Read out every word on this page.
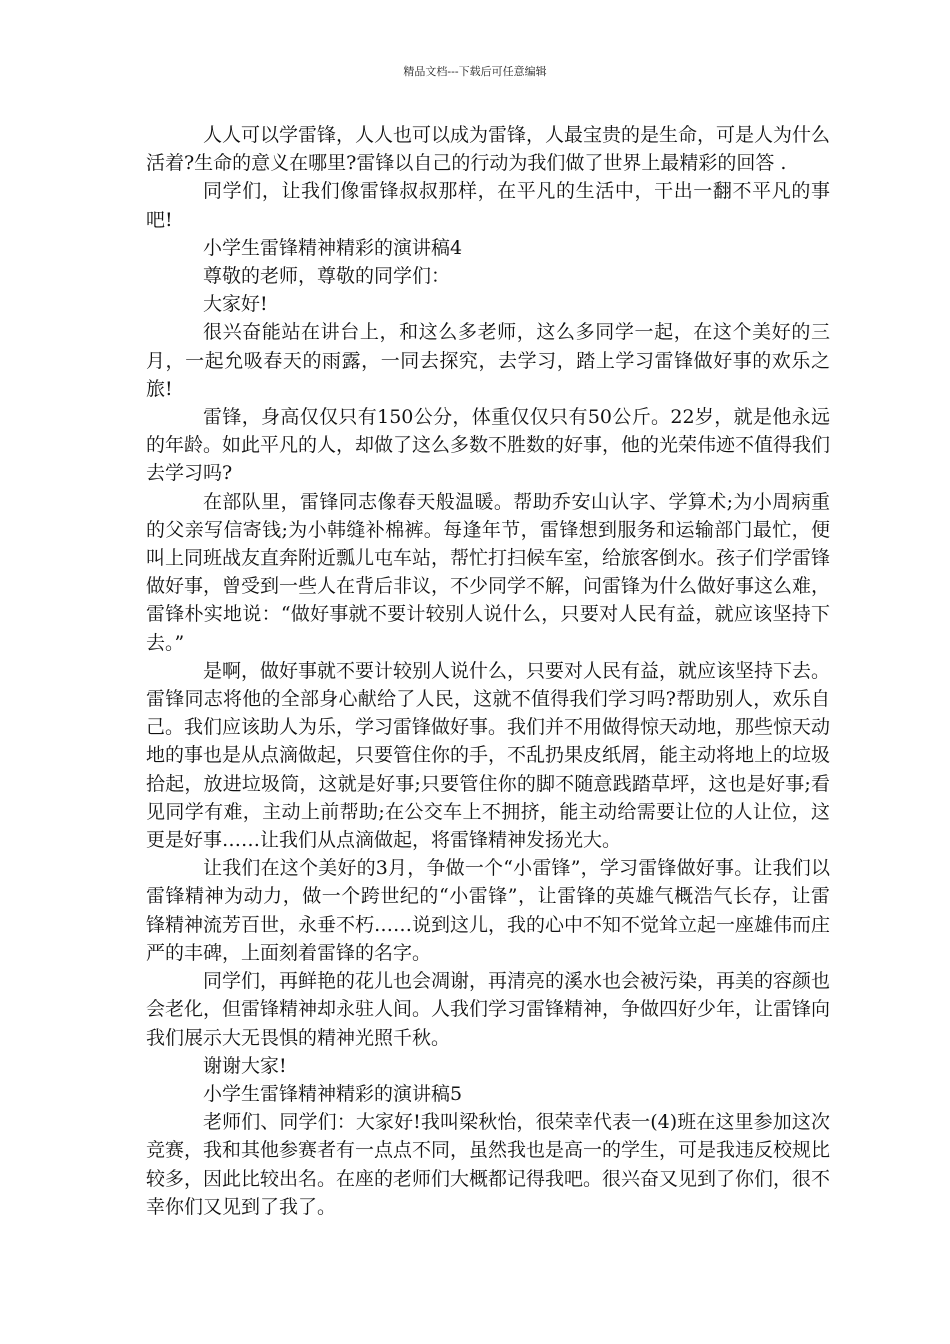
精品文档---下载后可任意编辑

人人可以学雷锋，人人也可以成为雷锋，人最宝贵的是生命，可是人为什么活着?生命的意义在哪里?雷锋以自己的行动为我们做了世界上最精彩的回答 .

同学们，让我们像雷锋叔叔那样，在平凡的生活中，干出一翻不平凡的事吧!

小学生雷锋精神精彩的演讲稿4

尊敬的老师，尊敬的同学们：

大家好!

很兴奋能站在讲台上，和这么多老师，这么多同学一起，在这个美好的三月，一起允吸春天的雨露，一同去探究，去学习，踏上学习雷锋做好事的欢乐之旅!

雷锋，身高仅仅只有150公分，体重仅仅只有50公斤。22岁，就是他永远的年龄。如此平凡的人，却做了这么多数不胜数的好事，他的光荣伟迹不值得我们去学习吗?

在部队里，雷锋同志像春天般温暖。帮助乔安山认字、学算术;为小周病重的父亲写信寄钱;为小韩缝补棉裤。每逢年节，雷锋想到服务和运输部门最忙，便叫上同班战友直奔附近瓢儿屯车站，帮忙打扫候车室，给旅客倒水。孩子们学雷锋做好事，曾受到一些人在背后非议，不少同学不解，问雷锋为什么做好事这么难，雷锋朴实地说：“做好事就不要计较别人说什么，只要对人民有益，就应该坚持下去。”

是啊，做好事就不要计较别人说什么，只要对人民有益，就应该坚持下去。雷锋同志将他的全部身心献给了人民，这就不值得我们学习吗?帮助别人，欢乐自己。我们应该助人为乐，学习雷锋做好事。我们并不用做得惊天动地，那些惊天动地的事也是从点滴做起，只要管住你的手，不乱扔果皮纸屑，能主动将地上的垃圾拾起，放进垃圾筒，这就是好事;只要管住你的脚不随意践踏草坪，这也是好事;看见同学有难，主动上前帮助;在公交车上不拥挤，能主动给需要让位的人让位，这更是好事……让我们从点滴做起，将雷锋精神发扬光大。

让我们在这个美好的3月，争做一个“小雷锋”，学习雷锋做好事。让我们以雷锋精神为动力，做一个跨世纪的“小雷锋”，让雷锋的英雄气概浩气长存，让雷锋精神流芳百世，永垂不朽……说到这儿，我的心中不知不觉耸立起一座雄伟而庄严的丰碑，上面刻着雷锋的名字。

同学们，再鲜艳的花儿也会凋谢，再清亮的溪水也会被污染，再美的容颜也会老化，但雷锋精神却永驻人间。人我们学习雷锋精神，争做四好少年，让雷锋向我们展示大无畏惧的精神光照千秋。

谢谢大家!

小学生雷锋精神精彩的演讲稿5

老师们、同学们：大家好!我叫梁秋怡，很荣幸代表一(4)班在这里参加这次竞赛，我和其他参赛者有一点点不同，虽然我也是高一的学生，可是我违反校规比较多，因此比较出名。在座的老师们大概都记得我吧。很兴奋又见到了你们，很不幸你们又见到了我了。
